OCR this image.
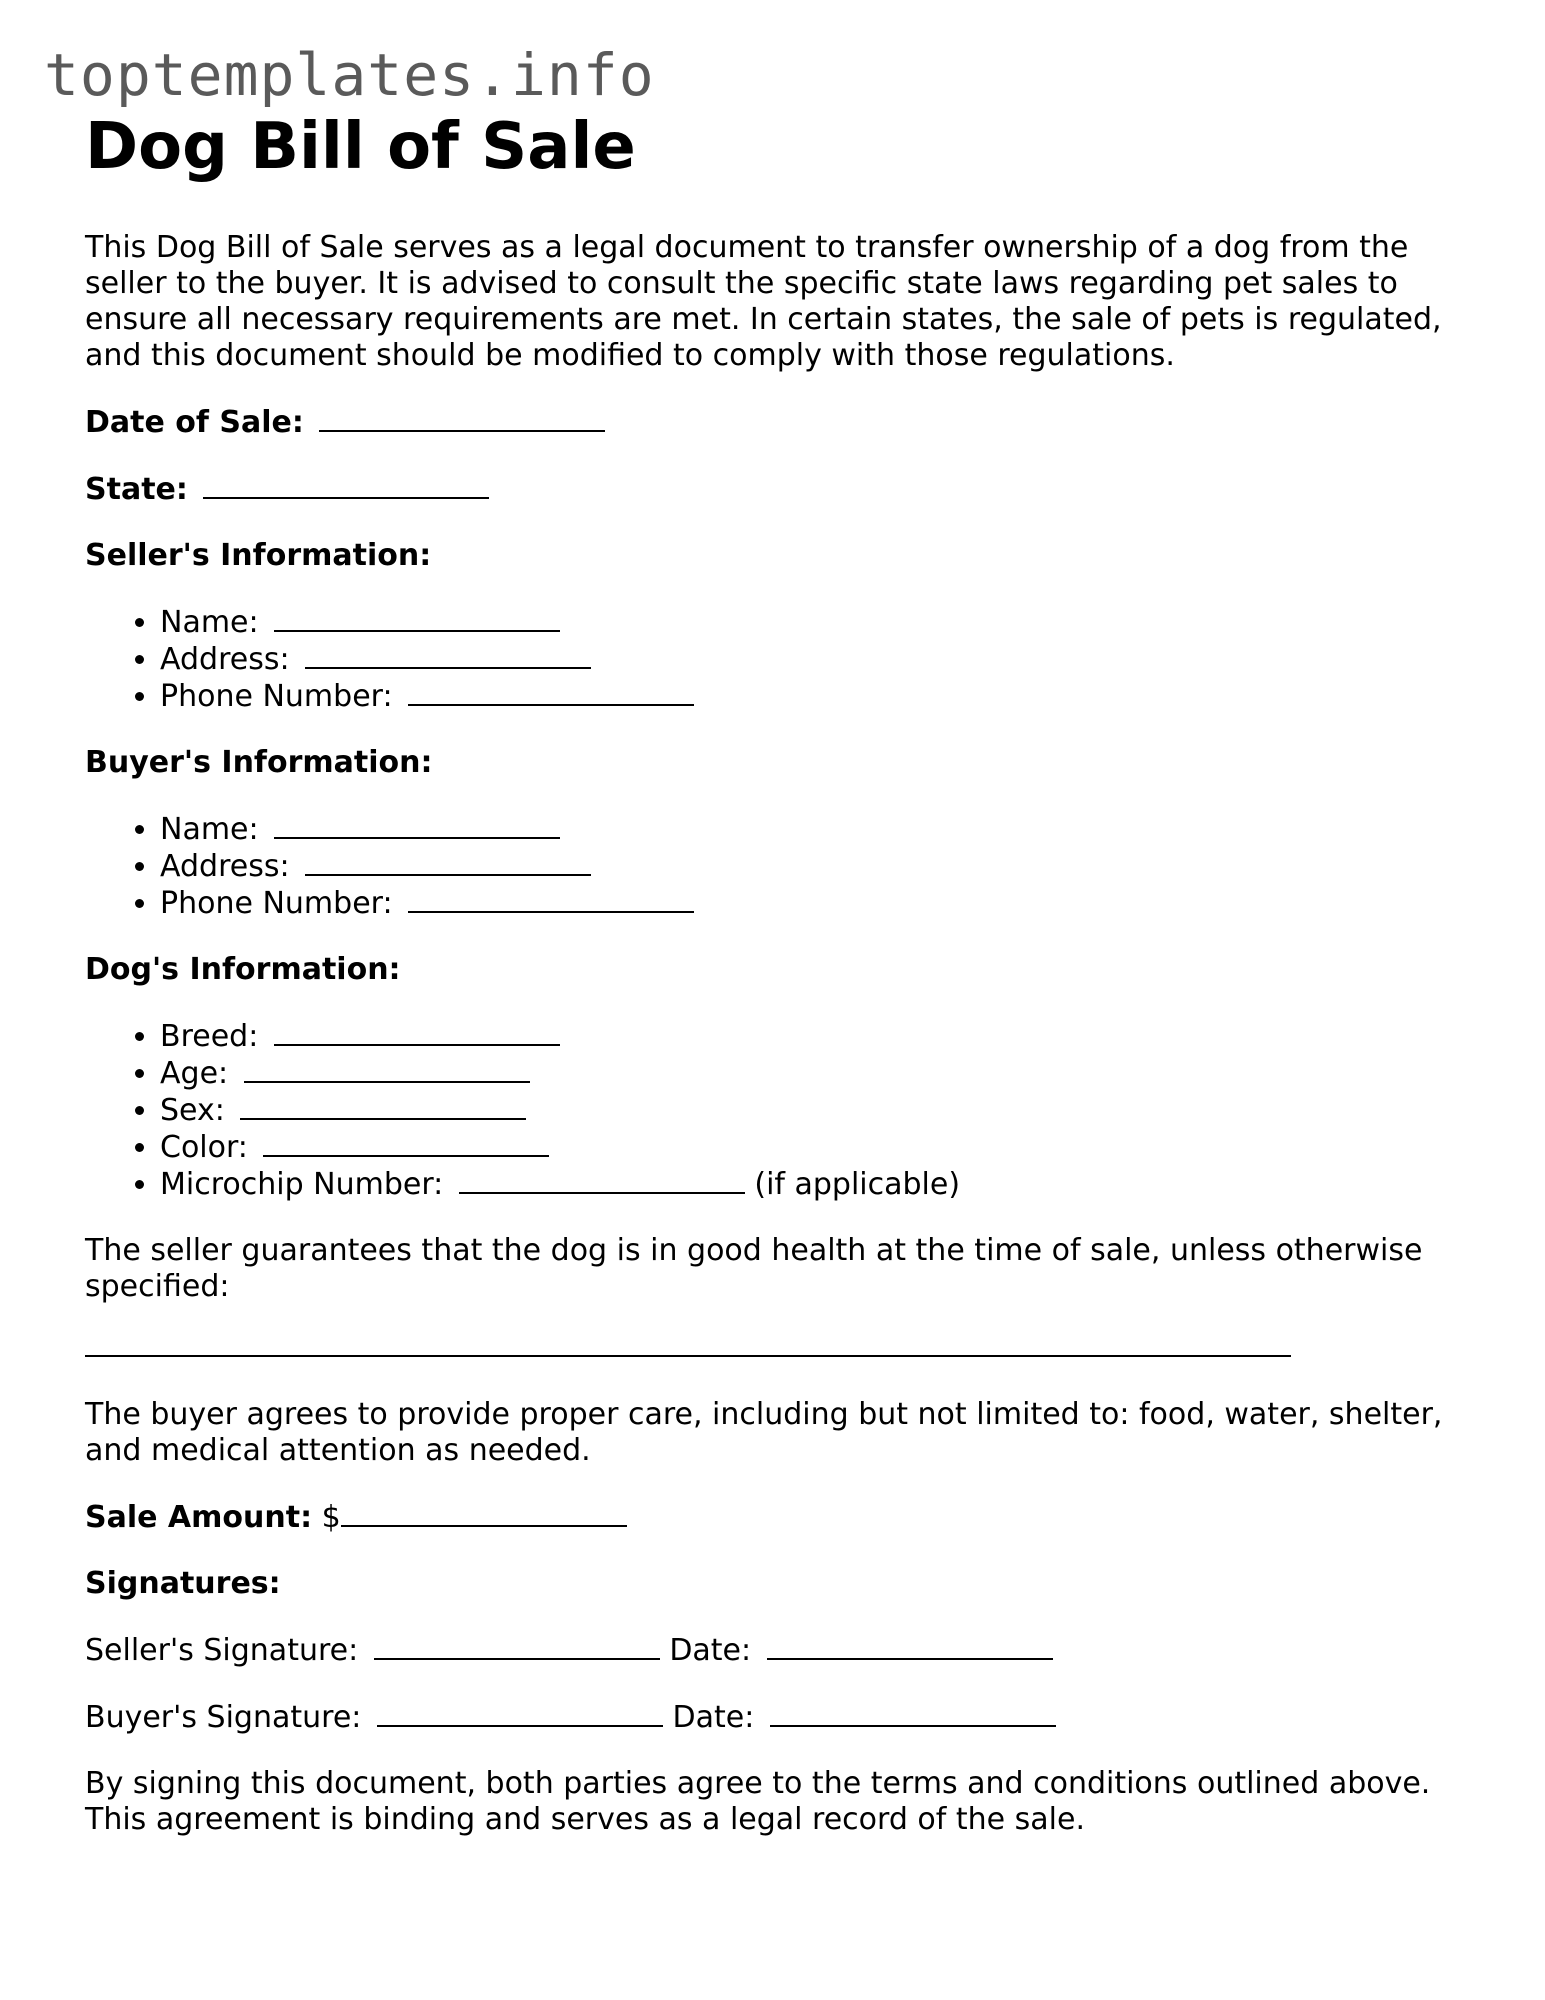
toptemplates.info
Dog Bill of Sale

This Dog Bill of Sale serves as a legal document to transfer ownership of a dog from the seller to the buyer. It is advised to consult the specific state laws regarding pet sales to ensure all necessary requirements are met. In certain states, the sale of pets is regulated, and this document should be modified to comply with those regulations.

Date of Sale:

State:

Seller's Information:

• Name:
• Address:
• Phone Number:

Buyer's Information:

• Name:
• Address:
• Phone Number:

Dog's Information:

• Breed:
• Age:
• Sex:
• Color:
• Microchip Number:	(if applicable)

The seller guarantees that the dog is in good health at the time of sale, unless otherwise specified:

The buyer agrees to provide proper care, including but not limited to: food, water, shelter, and medical attention as needed.

Sale Amount: $

Signatures:

Seller's Signature:	Date:

Buyer's Signature:	Date:

By signing this document, both parties agree to the terms and conditions outlined above. This agreement is binding and serves as a legal record of the sale.
